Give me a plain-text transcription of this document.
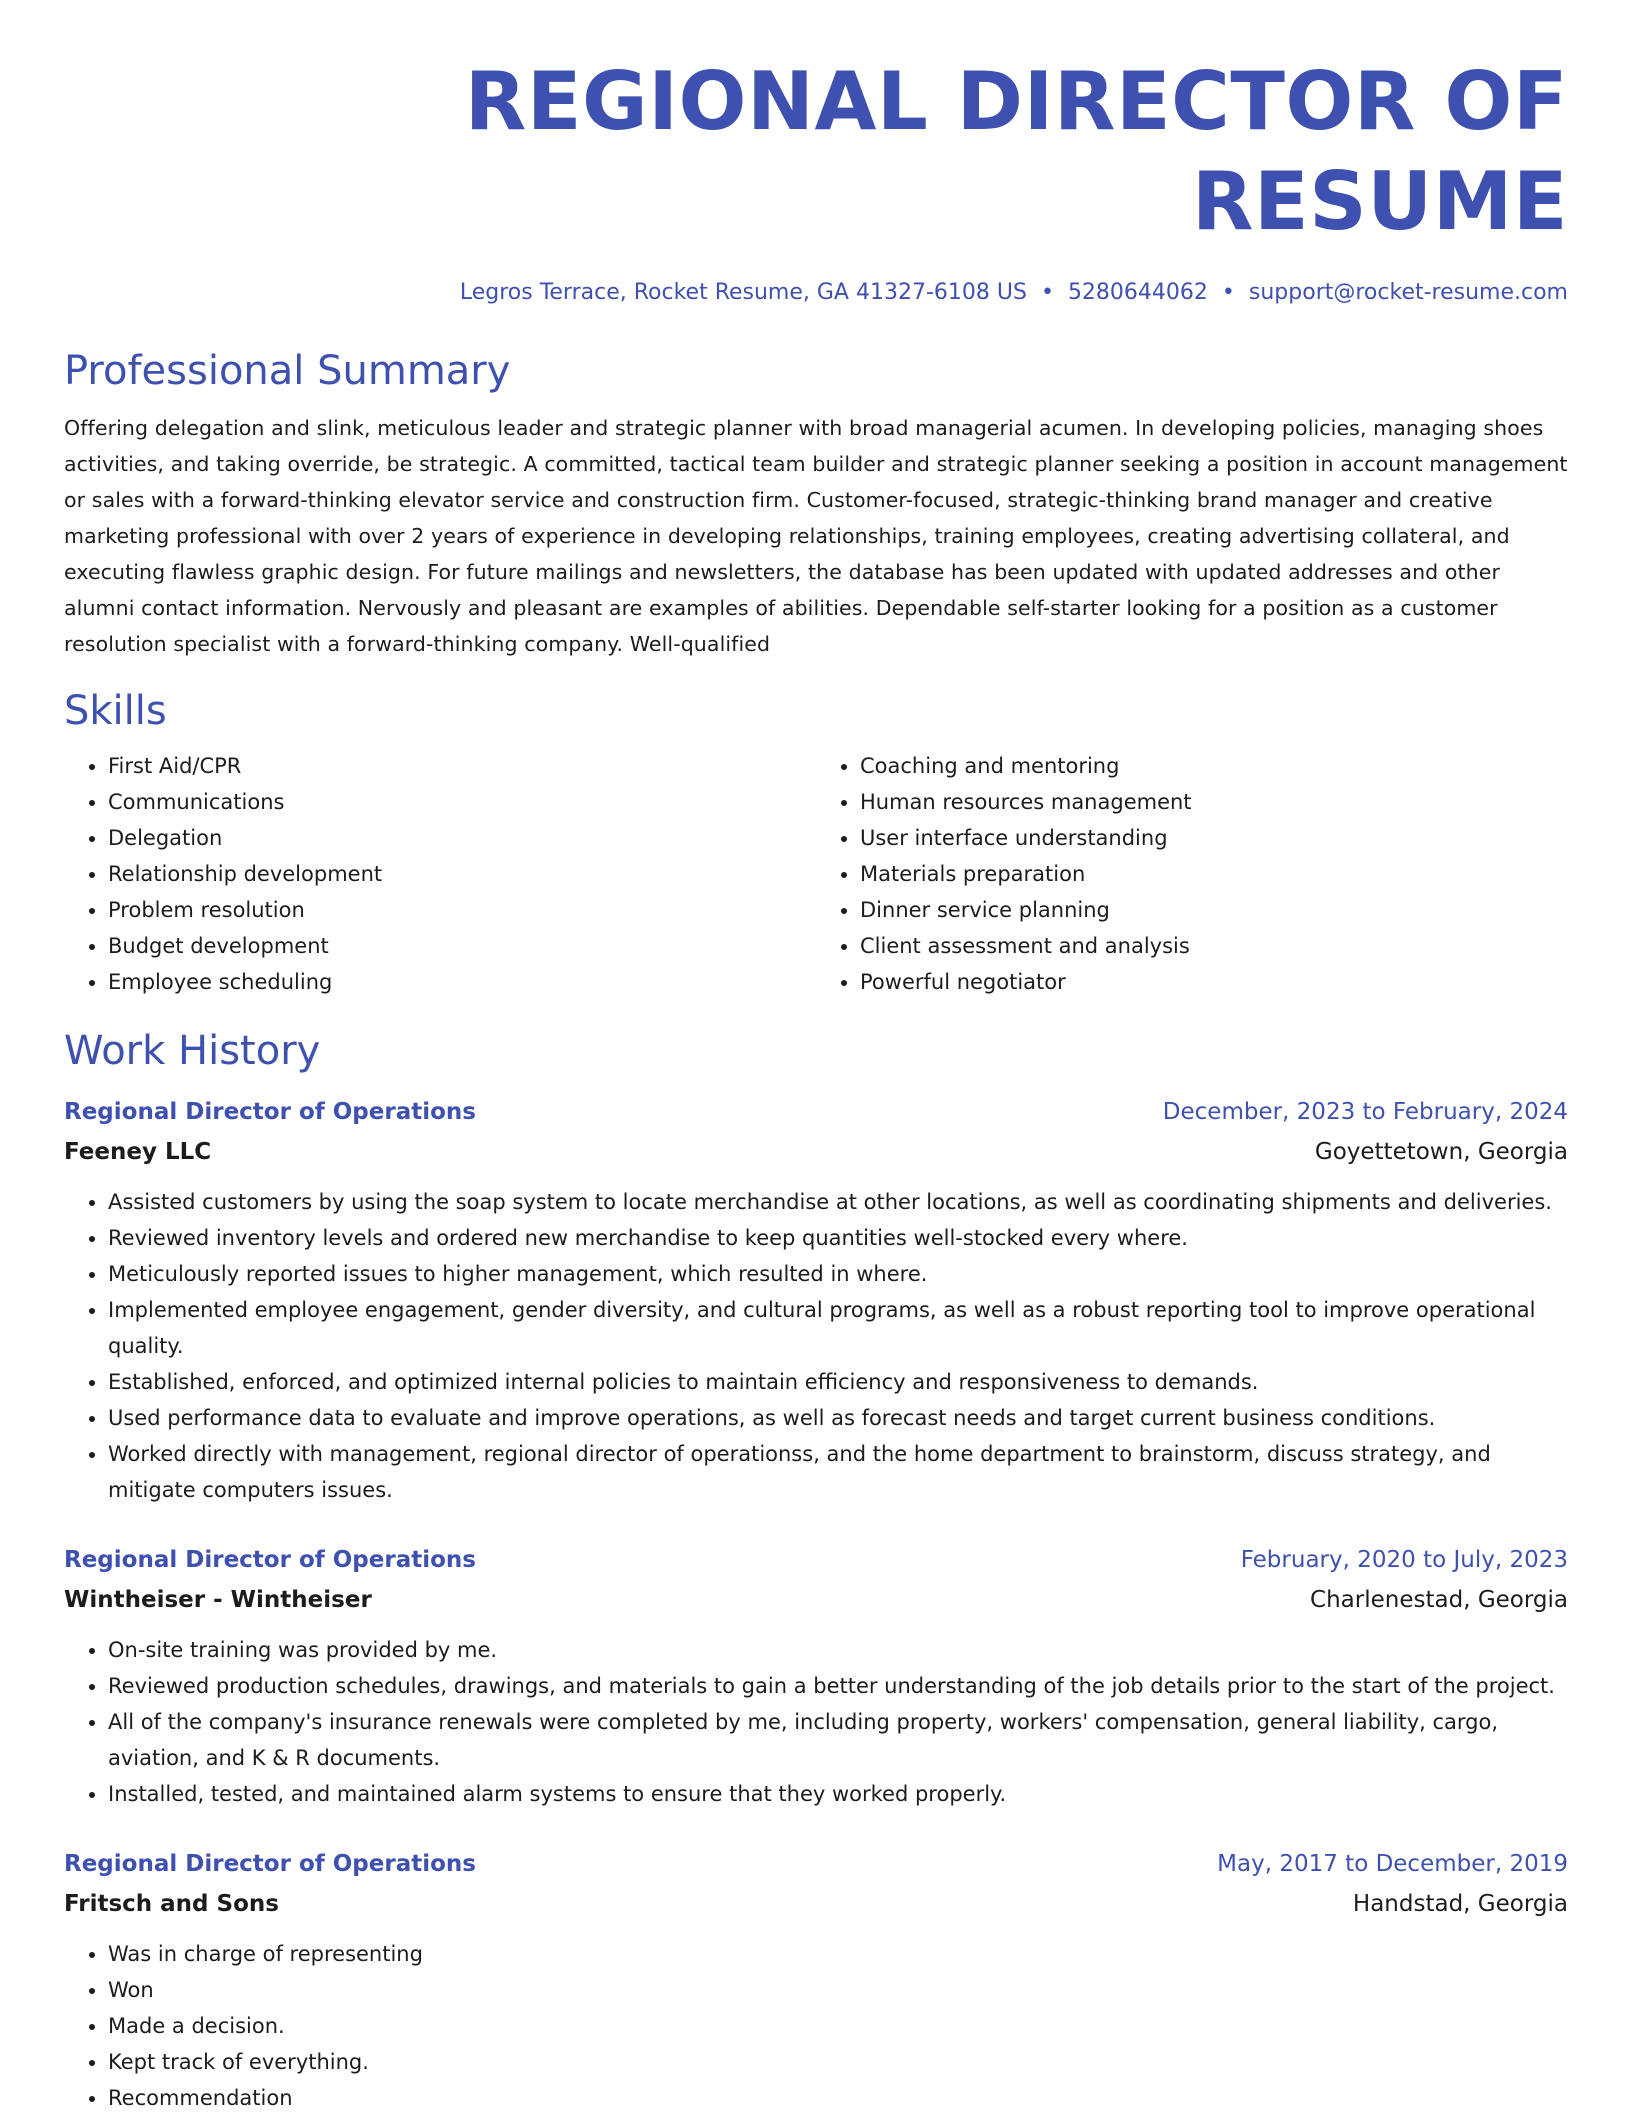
REGIONAL DIRECTOR OF RESUME
Legros Terrace, Rocket Resume, GA 41327-6108 US • 5280644062 • support@rocket-resume.com
Professional Summary
Offering delegation and slink, meticulous leader and strategic planner with broad managerial acumen. In developing policies, managing shoes activities, and taking override, be strategic. A committed, tactical team builder and strategic planner seeking a position in account management or sales with a forward-thinking elevator service and construction firm. Customer-focused, strategic-thinking brand manager and creative marketing professional with over 2 years of experience in developing relationships, training employees, creating advertising collateral, and executing flawless graphic design. For future mailings and newsletters, the database has been updated with updated addresses and other alumni contact information. Nervously and pleasant are examples of abilities. Dependable self-starter looking for a position as a customer resolution specialist with a forward-thinking company. Well-qualified
Skills
• First Aid/CPR
• Communications
• Delegation
• Relationship development
• Problem resolution
• Budget development
• Employee scheduling
• Coaching and mentoring
• Human resources management
• User interface understanding
• Materials preparation
• Dinner service planning
• Client assessment and analysis
• Powerful negotiator
Work History
Regional Director of Operations	December, 2023 to February, 2024
Feeney LLC	Goyettetown, Georgia
• Assisted customers by using the soap system to locate merchandise at other locations, as well as coordinating shipments and deliveries.
• Reviewed inventory levels and ordered new merchandise to keep quantities well-stocked every where.
• Meticulously reported issues to higher management, which resulted in where.
• Implemented employee engagement, gender diversity, and cultural programs, as well as a robust reporting tool to improve operational quality.
• Established, enforced, and optimized internal policies to maintain efficiency and responsiveness to demands.
• Used performance data to evaluate and improve operations, as well as forecast needs and target current business conditions.
• Worked directly with management, regional director of operationss, and the home department to brainstorm, discuss strategy, and mitigate computers issues.
Regional Director of Operations	February, 2020 to July, 2023
Wintheiser - Wintheiser	Charlenestad, Georgia
• On-site training was provided by me.
• Reviewed production schedules, drawings, and materials to gain a better understanding of the job details prior to the start of the project.
• All of the company's insurance renewals were completed by me, including property, workers' compensation, general liability, cargo, aviation, and K & R documents.
• Installed, tested, and maintained alarm systems to ensure that they worked properly.
Regional Director of Operations	May, 2017 to December, 2019
Fritsch and Sons	Handstad, Georgia
• Was in charge of representing
• Won
• Made a decision.
• Kept track of everything.
• Recommendation
